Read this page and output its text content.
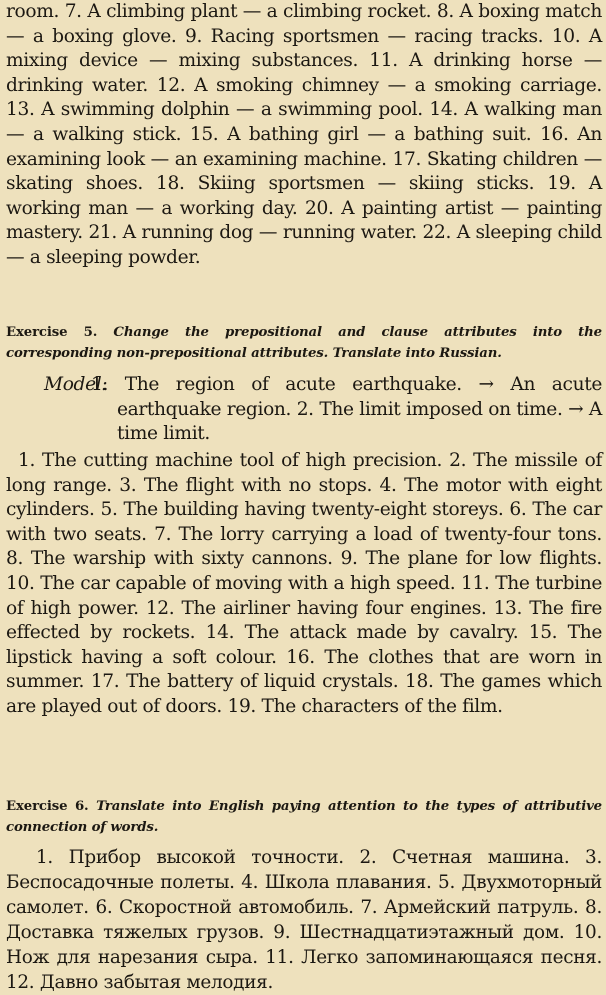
room. 7. A climbing plant — a climbing rocket. 8. A boxing match — a boxing glove. 9. Racing sportsmen — racing tracks. 10. A mixing device — mixing substances. 11. A drinking horse — drinking water. 12. A smoking chimney — a smoking carriage. 13. A swimming dolphin — a swimming pool. 14. A walking man — a walking stick. 15. A bathing girl — a bathing suit. 16. An examining look — an examining machine. 17. Skating children — skating shoes. 18. Skiing sportsmen — skiing sticks. 19. A working man — a working day. 20. A painting artist — painting mastery. 21. A running dog — running water. 22. A sleeping child — a sleeping powder.

Exercise 5. Change the prepositional and clause attributes into the corresponding non-prepositional attributes. Translate into Russian.

Model:

1. The region of acute earthquake. → An acute earthquake region. 2. The limit imposed on time. → A time limit.

1. The cutting machine tool of high precision. 2. The missile of long range. 3. The flight with no stops. 4. The motor with eight cylinders. 5. The building having twenty-eight storeys. 6. The car with two seats. 7. The lorry carrying a load of twenty-four tons. 8. The warship with sixty cannons. 9. The plane for low flights. 10. The car capable of moving with a high speed. 11. The turbine of high power. 12. The airliner having four engines. 13. The fire effected by rockets. 14. The attack made by cavalry. 15. The lipstick having a soft colour. 16. The clothes that are worn in summer. 17. The battery of liquid crystals. 18. The games which are played out of doors. 19. The characters of the film.

Exercise 6. Translate into English paying attention to the types of attributive connection of words.

1. Прибор высокой точности. 2. Счетная машина. 3. Беспосадочные полеты. 4. Школа плавания. 5. Двухмоторный самолет. 6. Скоростной автомобиль. 7. Армейский патруль. 8. Доставка тяжелых грузов. 9. Шестнадцатиэтажный дом. 10. Нож для нарезания сыра. 11. Легко запоминающаяся песня. 12. Давно забытая мелодия.
